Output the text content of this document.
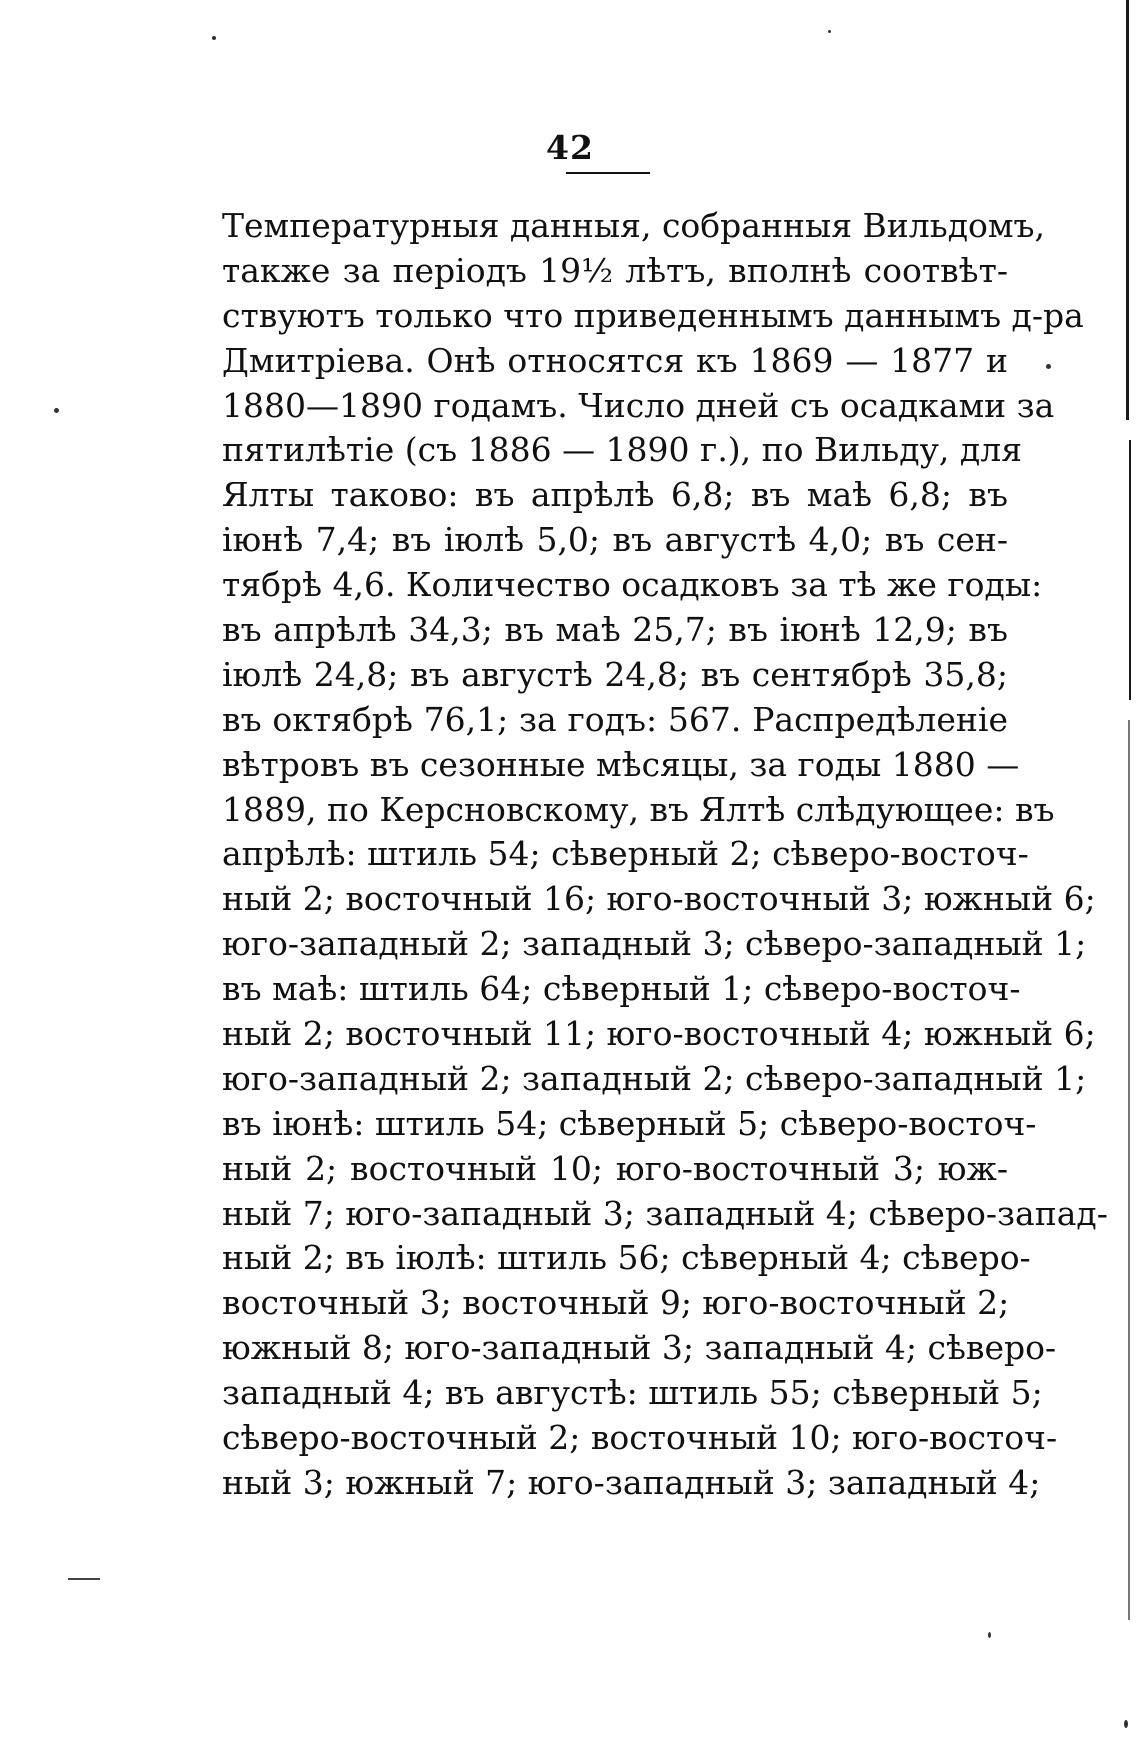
42
Температурныя данныя, собранныя Вильдомъ,
также за періодъ 19½ лѣтъ, вполнѣ соотвѣт-
ствуютъ только что приведеннымъ даннымъ д-ра
Дмитріева. Онѣ относятся къ 1869 — 1877 и
1880—1890 годамъ. Число дней съ осадками за
пятилѣтіе (съ 1886 — 1890 г.), по Вильду, для
Ялты таково: въ апрѣлѣ 6,8; въ маѣ 6,8; въ
іюнѣ 7,4; въ іюлѣ 5,0; въ августѣ 4,0; въ сен-
тябрѣ 4,6. Количество осадковъ за тѣ же годы:
въ апрѣлѣ 34,3; въ маѣ 25,7; въ іюнѣ 12,9; въ
іюлѣ 24,8; въ августѣ 24,8; въ сентябрѣ 35,8;
въ октябрѣ 76,1; за годъ: 567. Распредѣленіе
вѣтровъ въ сезонные мѣсяцы, за годы 1880 —
1889, по Керсновскому, въ Ялтѣ слѣдующее: въ
апрѣлѣ: штиль 54; сѣверный 2; сѣверо-восточ-
ный 2; восточный 16; юго-восточный 3; южный 6;
юго-западный 2; западный 3; сѣверо-западный 1;
въ маѣ: штиль 64; сѣверный 1; сѣверо-восточ-
ный 2; восточный 11; юго-восточный 4; южный 6;
юго-западный 2; западный 2; сѣверо-западный 1;
въ іюнѣ: штиль 54; сѣверный 5; сѣверо-восточ-
ный 2; восточный 10; юго-восточный 3; юж-
ный 7; юго-западный 3; западный 4; сѣверо-запад-
ный 2; въ іюлѣ: штиль 56; сѣверный 4; сѣверо-
восточный 3; восточный 9; юго-восточный 2;
южный 8; юго-западный 3; западный 4; сѣверо-
западный 4; въ августѣ: штиль 55; сѣверный 5;
сѣверо-восточный 2; восточный 10; юго-восточ-
ный 3; южный 7; юго-западный 3; западный 4;
